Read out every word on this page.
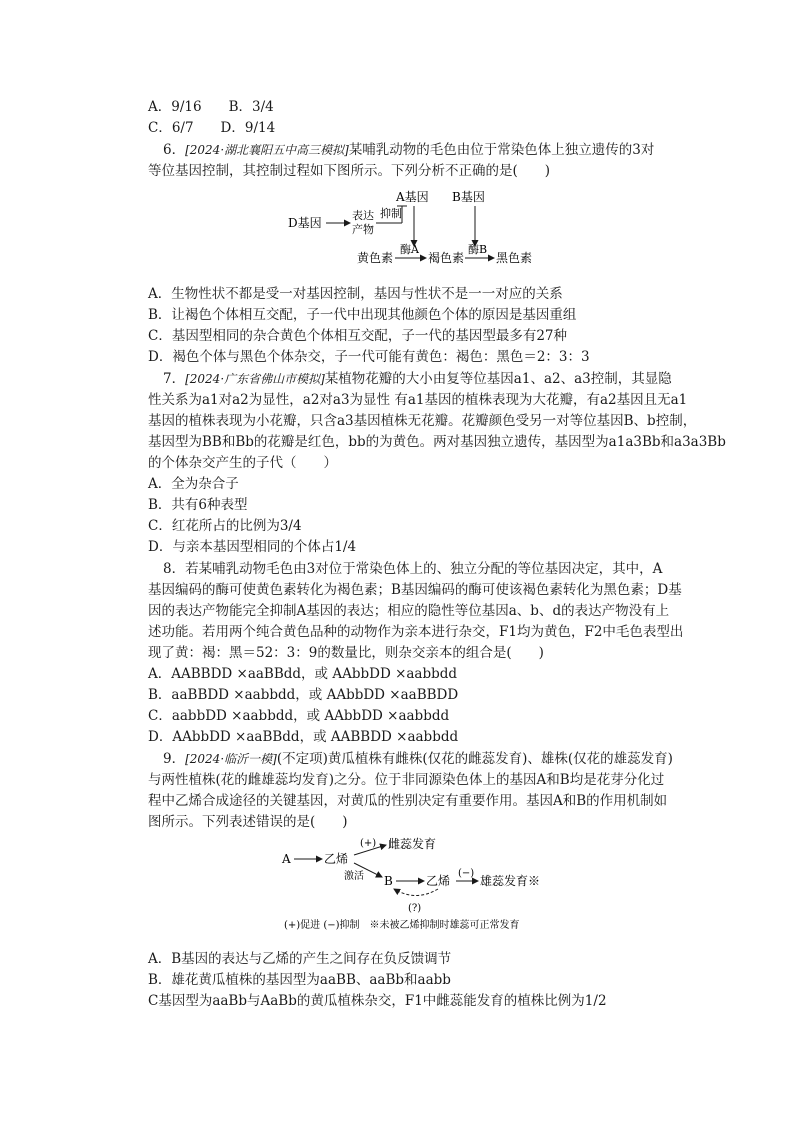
A．9/16　　B．3/4
C．6/7　　D．9/14
6．[2024·湖北襄阳五中高三模拟]某哺乳动物的毛色由位于常染色体上独立遗传的3对
等位基因控制，其控制过程如下图所示。下列分析不正确的是(　　)
A基因 B基因
D基因
表达
产物
抑制
黄色素
酶A
褐色素
酶B
黑色素
A．生物性状不都是受一对基因控制，基因与性状不是一一对应的关系
B．让褐色个体相互交配，子一代中出现其他颜色个体的原因是基因重组
C．基因型相同的杂合黄色个体相互交配，子一代的基因型最多有27种
D．褐色个体与黑色个体杂交，子一代可能有黄色：褐色：黑色＝2：3：3
7．[2024·广东省佛山市模拟]某植物花瓣的大小由复等位基因a1、a2、a3控制，其显隐
性关系为a1对a2为显性，a2对a3为显性 有a1基因的植株表现为大花瓣，有a2基因且无a1
基因的植株表现为小花瓣，只含a3基因植株无花瓣。花瓣颜色受另一对等位基因B、b控制，
基因型为BB和Bb的花瓣是红色，bb的为黄色。两对基因独立遗传，基因型为a1a3Bb和a3a3Bb
的个体杂交产生的子代（　　）
A．全为杂合子
B．共有6种表型
C．红花所占的比例为3/4
D．与亲本基因型相同的个体占1/4
8．若某哺乳动物毛色由3对位于常染色体上的、独立分配的等位基因决定，其中，A
基因编码的酶可使黄色素转化为褐色素；B基因编码的酶可使该褐色素转化为黑色素；D基
因的表达产物能完全抑制A基因的表达；相应的隐性等位基因a、b、d的表达产物没有上
述功能。若用两个纯合黄色品种的动物作为亲本进行杂交，F1均为黄色，F2中毛色表型出
现了黄：褐：黑＝52：3：9的数量比，则杂交亲本的组合是(　　)
A．AABBDD ×aaBBdd，或 AAbbDD ×aabbdd
B．aaBBDD ×aabbdd，或 AAbbDD ×aaBBDD
C．aabbDD ×aabbdd，或 AAbbDD ×aabbdd
D．AAbbDD ×aaBBdd，或 AABBDD ×aabbdd
9．[2024·临沂一模](不定项)黄瓜植株有雌株(仅花的雌蕊发育)、雄株(仅花的雄蕊发育)
与两性植株(花的雌雄蕊均发育)之分。位于非同源染色体上的基因A和B均是花芽分化过
程中乙烯合成途径的关键基因，对黄瓜的性别决定有重要作用。基因A和B的作用机制如
图所示。下列表述错误的是(　　)
A	乙烯
(+) 雌蕊发育
激活 B	乙烯
(−)
雄蕊发育※
(?)
(+)促进 (−)抑制　※未被乙烯抑制时雄蕊可正常发育
A．B基因的表达与乙烯的产生之间存在负反馈调节
B．雄花黄瓜植株的基因型为aaBB、aaBb和aabb
C基因型为aaBb与AaBb的黄瓜植株杂交，F1中雌蕊能发育的植株比例为1/2
